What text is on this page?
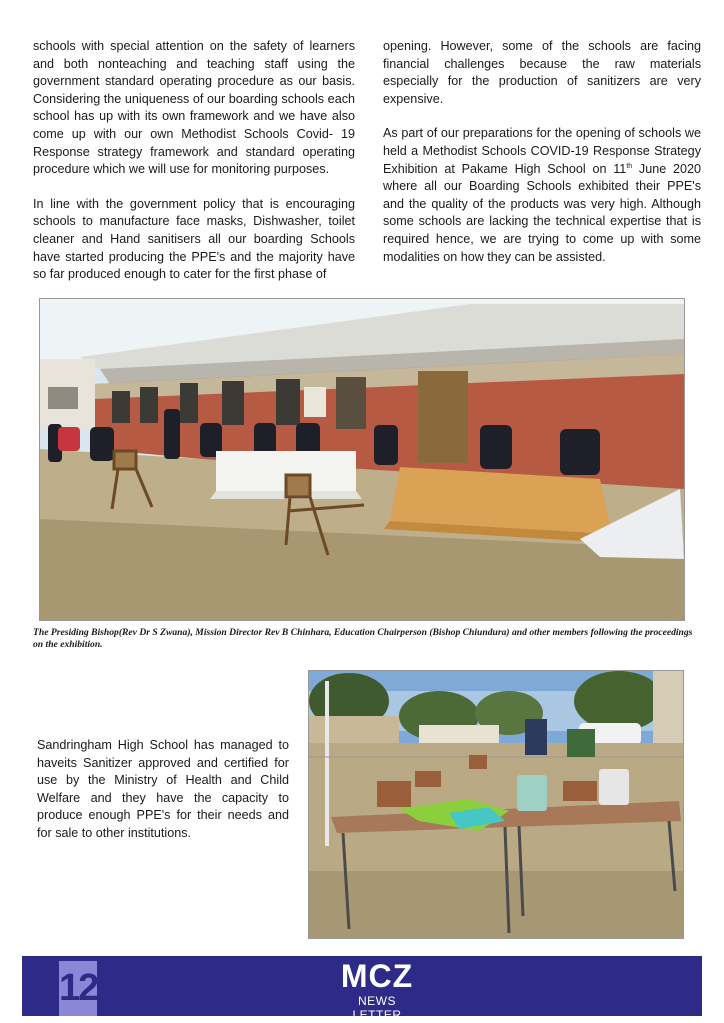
schools with special attention on the safety of learners and both nonteaching and teaching staff using the government standard operating procedure as our basis. Considering the uniqueness of our boarding schools each school has up with its own framework and we have also come up with our own Methodist Schools Covid- 19 Response strategy framework and standard operating procedure which we will use for monitoring purposes.

In line with the government policy that is encouraging schools to manufacture face masks, Dishwasher, toilet cleaner and Hand sanitisers all our boarding Schools have started producing the PPE's and the majority have so far produced enough to cater for the first phase of

opening. However, some of the schools are facing financial challenges because the raw materials especially for the production of sanitizers are very expensive.

As part of our preparations for the opening of schools we held a Methodist Schools COVID-19 Response Strategy Exhibition at Pakame High School on 11th June 2020 where all our Boarding Schools exhibited their PPE's and the quality of the products was very high. Although some schools are lacking the technical expertise that is required hence, we are trying to come up with some modalities on how they can be assisted.

The Presiding Bishop(Rev Dr S Zwana), Mission Director Rev B Chinhara, Education Chairperson (Bishop Chiundura) and other members following the proceedings on the exhibition.
Sandringham High School has managed to haveits Sanitizer approved and certified for use by the Ministry of Health and Child Welfare and they have the capacity to produce enough PPE's for their needs and for sale to other institutions.
12	MCZ
NEWS LETTER
